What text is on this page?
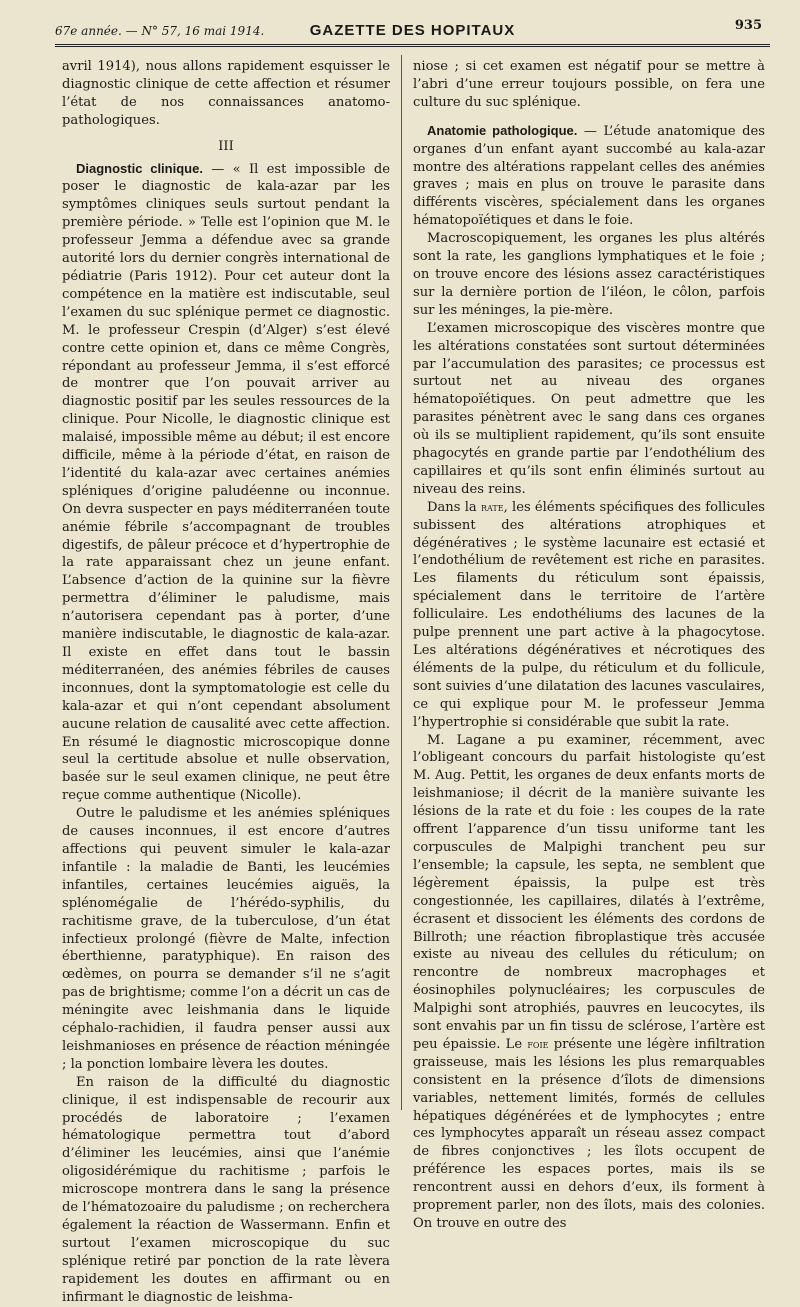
67e année. — N° 57, 16 mai 1914.	GAZETTE DES HOPITAUX	935

avril 1914), nous allons rapidement esquisser le diagnostic clinique de cette affection et résumer l’état de nos connaissances anatomo-pathologiques.

III

Diagnostic clinique. — « Il est impossible de poser le diagnostic de kala-azar par les symptômes cliniques seuls surtout pendant la première période. » Telle est l’opinion que M. le professeur Jemma a défendue avec sa grande autorité lors du dernier congrès international de pédiatrie (Paris 1912). Pour cet auteur dont la compétence en la matière est indiscutable, seul l’examen du suc splénique permet ce diagnostic. M. le professeur Crespin (d’Alger) s’est élevé contre cette opinion et, dans ce même Congrès, répondant au professeur Jemma, il s’est efforcé de montrer que l’on pouvait arriver au diagnostic positif par les seules ressources de la clinique. Pour Nicolle, le diagnostic clinique est malaisé, impossible même au début; il est encore difficile, même à la période d’état, en raison de l’identité du kala-azar avec certaines anémies spléniques d’origine paludéenne ou inconnue. On devra suspecter en pays méditerranéen toute anémie fébrile s’accompagnant de troubles digestifs, de pâleur précoce et d’hypertrophie de la rate apparaissant chez un jeune enfant. L’absence d’action de la quinine sur la fièvre permettra d’éliminer le paludisme, mais n’autorisera cependant pas à porter, d’une manière indiscutable, le diagnostic de kala-azar. Il existe en effet dans tout le bassin méditerranéen, des anémies fébriles de causes inconnues, dont la symptomatologie est celle du kala-azar et qui n’ont cependant absolument aucune relation de causalité avec cette affection. En résumé le diagnostic microscopique donne seul la certitude absolue et nulle observation, basée sur le seul examen clinique, ne peut être reçue comme authentique (Nicolle).

Outre le paludisme et les anémies spléniques de causes inconnues, il est encore d’autres affections qui peuvent simuler le kala-azar infantile : la maladie de Banti, les leucémies infantiles, certaines leucémies aiguës, la splénomégalie de l’hérédo-syphilis, du rachitisme grave, de la tuberculose, d’un état infectieux prolongé (fièvre de Malte, infection éberthienne, paratyphique). En raison des œdèmes, on pourra se demander s’il ne s’agit pas de brightisme; comme l’on a décrit un cas de méningite avec leishmania dans le liquide céphalo-rachidien, il faudra penser aussi aux leishmanioses en présence de réaction méningée ; la ponction lombaire lèvera les doutes.

En raison de la difficulté du diagnostic clinique, il est indispensable de recourir aux procédés de laboratoire ; l’examen hématologique permettra tout d’abord d’éliminer les leucémies, ainsi que l’anémie oligosidérémique du rachitisme ; parfois le microscope montrera dans le sang la présence de l’hématozoaire du paludisme ; on recherchera également la réaction de Wassermann. Enfin et surtout l’examen microscopique du suc splénique retiré par ponction de la rate lèvera rapidement les doutes en affirmant ou en infirmant le diagnostic de leishma-

niose ; si cet examen est négatif pour se mettre à l’abri d’une erreur toujours possible, on fera une culture du suc splénique.

Anatomie pathologique. — L’étude anatomique des organes d’un enfant ayant succombé au kala-azar montre des altérations rappelant celles des anémies graves ; mais en plus on trouve le parasite dans différents viscères, spécialement dans les organes hématopoïétiques et dans le foie.

Macroscopiquement, les organes les plus altérés sont la rate, les ganglions lymphatiques et le foie ; on trouve encore des lésions assez caractéristiques sur la dernière portion de l’iléon, le côlon, parfois sur les méninges, la pie-mère.

L’examen microscopique des viscères montre que les altérations constatées sont surtout déterminées par l’accumulation des parasites; ce processus est surtout net au niveau des organes hématopoïétiques. On peut admettre que les parasites pénètrent avec le sang dans ces organes où ils se multiplient rapidement, qu’ils sont ensuite phagocytés en grande partie par l’endothélium des capillaires et qu’ils sont enfin éliminés surtout au niveau des reins.

Dans la rate, les éléments spécifiques des follicules subissent des altérations atrophiques et dégénératives ; le système lacunaire est ectasié et l’endothélium de revêtement est riche en parasites. Les filaments du réticulum sont épaissis, spécialement dans le territoire de l’artère folliculaire. Les endothéliums des lacunes de la pulpe prennent une part active à la phagocytose. Les altérations dégénératives et nécrotiques des éléments de la pulpe, du réticulum et du follicule, sont suivies d’une dilatation des lacunes vasculaires, ce qui explique pour M. le professeur Jemma l’hypertrophie si considérable que subit la rate.

M. Lagane a pu examiner, récemment, avec l’obligeant concours du parfait histologiste qu’est M. Aug. Pettit, les organes de deux enfants morts de leishmaniose; il décrit de la manière suivante les lésions de la rate et du foie : les coupes de la rate offrent l’apparence d’un tissu uniforme tant les corpuscules de Malpighi tranchent peu sur l’ensemble; la capsule, les septa, ne semblent que légèrement épaissis, la pulpe est très congestionnée, les capillaires, dilatés à l’extrême, écrasent et dissocient les éléments des cordons de Billroth; une réaction fibroplastique très accusée existe au niveau des cellules du réticulum; on rencontre de nombreux macrophages et éosinophiles polynucléaires; les corpuscules de Malpighi sont atrophiés, pauvres en leucocytes, ils sont envahis par un fin tissu de sclérose, l’artère est peu épaissie. Le foie présente une légère infiltration graisseuse, mais les lésions les plus remarquables consistent en la présence d’îlots de dimensions variables, nettement limités, formés de cellules hépatiques dégénérées et de lymphocytes ; entre ces lymphocytes apparaît un réseau assez compact de fibres conjonctives ; les îlots occupent de préférence les espaces portes, mais ils se rencontrent aussi en dehors d’eux, ils forment à proprement parler, non des îlots, mais des colonies. On trouve en outre des
